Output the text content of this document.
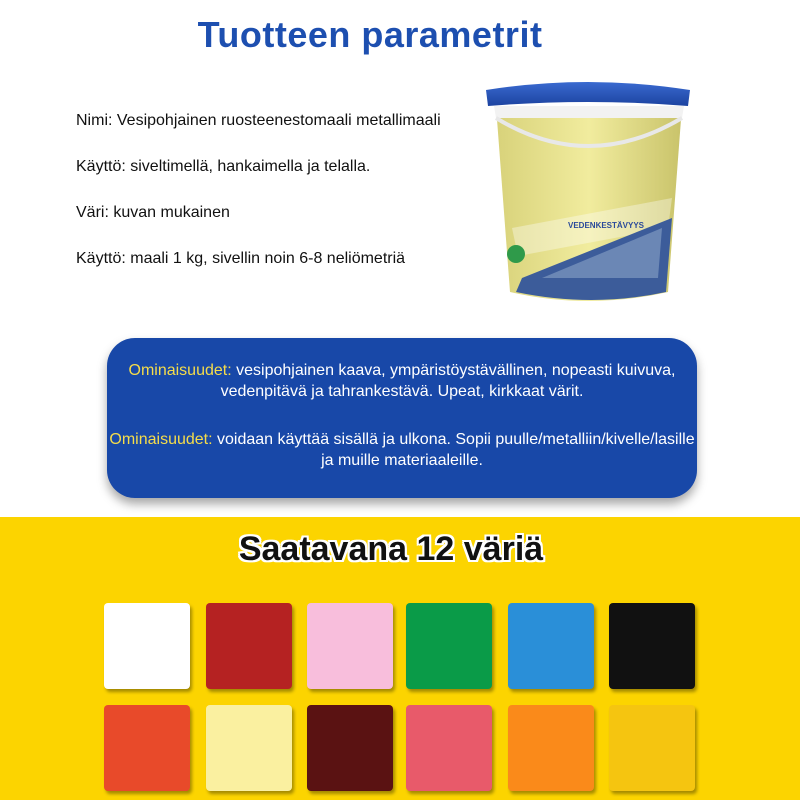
Tuotteen parametrit
Nimi: Vesipohjainen ruosteenestomaali metallimaali
Käyttö: siveltimellä, hankaimella ja telalla.
Väri: kuvan mukainen
Käyttö: maali 1 kg, sivellin noin 6-8 neliömetriä
VEDENKESTÄVYYS
Ominaisuudet: vesipohjainen kaava, ympäristöystävällinen, nopeasti kuivuva, vedenpitävä ja tahrankestävä. Upeat, kirkkaat värit.
Ominaisuudet: voidaan käyttää sisällä ja ulkona. Sopii puulle/metalliin/kivelle/lasille ja muille materiaaleille.
Saatavana 12 väriä
